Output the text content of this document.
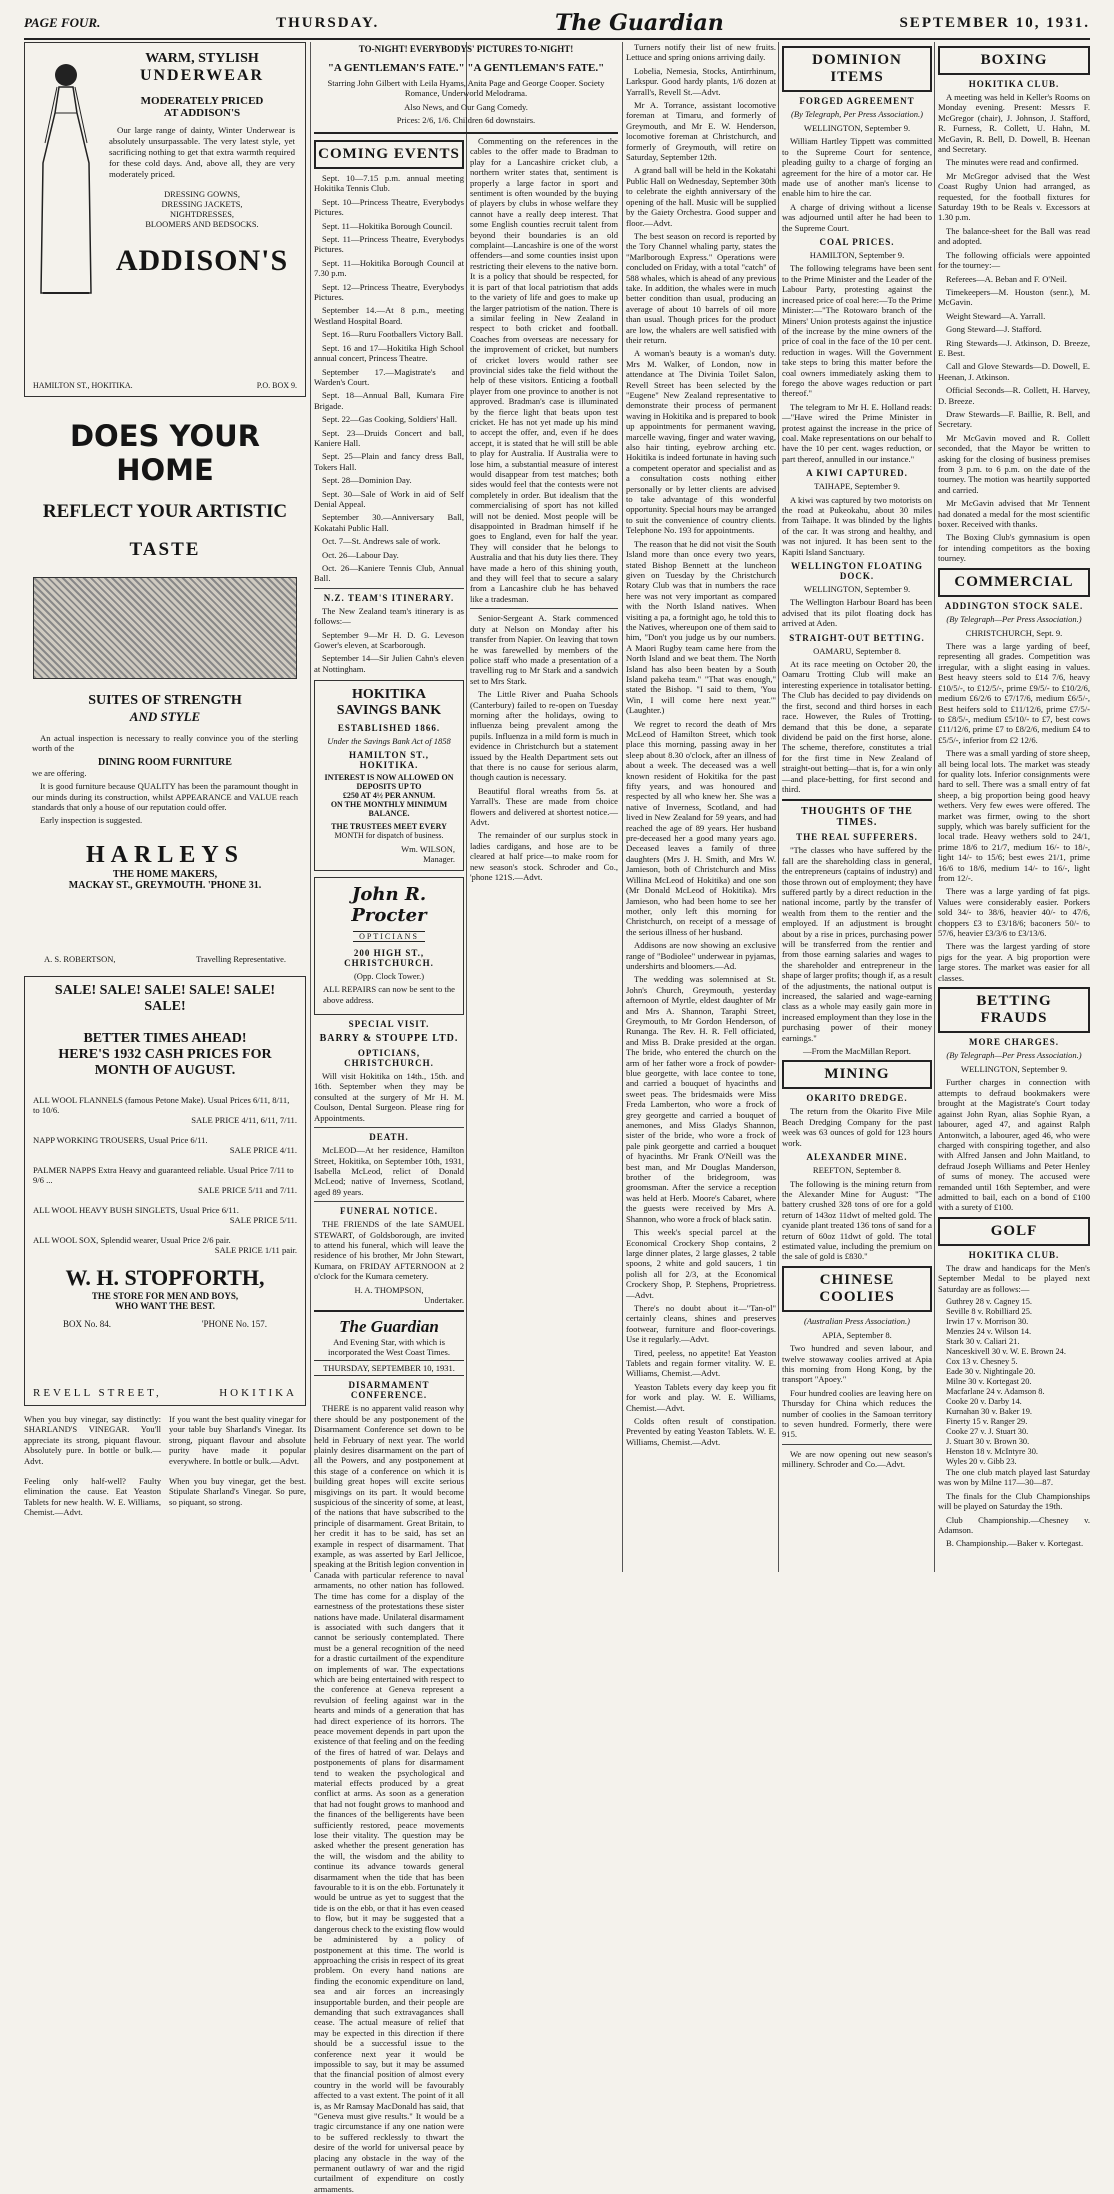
PAGE FOUR.	THURSDAY.	The Guardian	SEPTEMBER 10, 1931.
WARM, STYLISH
UNDERWEAR
MODERATELY PRICED
AT ADDISON'S

Our large range of dainty, Winter Underwear is absolutely unsurpassable. The very latest style, yet sacrificing nothing to get that extra warmth required for these cold days. And, above all, they are very moderately priced.

DRESSING GOWNS,
DRESSING JACKETS,
NIGHTDRESSES,
BLOOMERS AND BEDSOCKS.
ADDISON'S
HAMILTON ST., HOKITIKA.	P.O. BOX 9.
DOES YOUR HOME
REFLECT YOUR ARTISTIC
TASTE
SUITES OF STRENGTH
AND STYLE

An actual inspection is necessary to really convince you of the sterling worth of the

DINING ROOM FURNITURE

we are offering.

It is good furniture because QUALITY has been the paramount thought in our minds during its construction, whilst APPEARANCE and VALUE reach standards that only a house of our reputation could offer.

Early inspection is suggested.

HARLEYS
THE HOME MAKERS,
MACKAY ST., GREYMOUTH. 'PHONE 31.
A. S. ROBERTSON,	Travelling Representative.
SALE! SALE! SALE! SALE! SALE! SALE!
BETTER TIMES AHEAD!
HERE'S 1932 CASH PRICES FOR
MONTH OF AUGUST.
ALL WOOL FLANNELS (famous Petone Make). Usual Prices 6/11, 8/11, to 10/6.
SALE PRICE 4/11, 6/11, 7/11.
NAPP WORKING TROUSERS, Usual Price 6/11.
SALE PRICE 4/11.
PALMER NAPPS Extra Heavy and guaranteed reliable. Usual Price 7/11 to 9/6 ...
SALE PRICE 5/11 and 7/11.
ALL WOOL HEAVY BUSH SINGLETS, Usual Price 6/11.
SALE PRICE 5/11.
ALL WOOL SOX, Splendid wearer, Usual Price 2/6 pair.
SALE PRICE 1/11 pair.
W. H. STOPFORTH,
THE STORE FOR MEN AND BOYS,
WHO WANT THE BEST.
BOX No. 84.	'PHONE No. 157.
REVELL STREET,	HOKITIKA

When you buy vinegar, say distinctly: SHARLAND'S VINEGAR. You'll appreciate its strong, piquant flavour. Absolutely pure. In bottle or bulk.—Advt.

Feeling only half-well? Faulty elimination the cause. Eat Yeaston Tablets for new health. W. E. Williams, Chemist.—Advt.

If you want the best quality vinegar for your table buy Sharland's Vinegar. Its strong, piquant flavour and absolute purity have made it popular everywhere. In bottle or bulk.—Advt.

When you buy vinegar, get the best. Stipulate Sharland's Vinegar. So pure, so piquant, so strong.

TO-NIGHT! EVERYBODYS' PICTURES TO-NIGHT!
"A GENTLEMAN'S FATE." "A GENTLEMAN'S FATE."

Starring John Gilbert with Leila Hyams, Anita Page and George Cooper. Society Romance, Underworld Melodrama.

Also News, and Our Gang Comedy.

Prices: 2/6, 1/6. Children 6d downstairs.

COMING EVENTS

Sept. 10—7.15 p.m. annual meeting Hokitika Tennis Club.

Sept. 10—Princess Theatre, Everybodys Pictures.

Sept. 11—Hokitika Borough Council.

Sept. 11—Princess Theatre, Everybodys Pictures.

Sept. 11—Hokitika Borough Council at 7.30 p.m.

Sept. 12—Princess Theatre, Everybodys Pictures.

September 14.—At 8 p.m., meeting Westland Hospital Board.

Sept. 16—Ruru Footballers Victory Ball.

Sept. 16 and 17—Hokitika High School annual concert, Princess Theatre.

September 17.—Magistrate's and Warden's Court.

Sept. 18—Annual Ball, Kumara Fire Brigade.

Sept. 22—Gas Cooking, Soldiers' Hall.

Sept. 23—Druids Concert and ball, Kaniere Hall.

Sept. 25—Plain and fancy dress Ball, Tokers Hall.

Sept. 28—Dominion Day.

Sept. 30—Sale of Work in aid of Self Denial Appeal.

September 30.—Anniversary Ball, Kokatahi Public Hall.

Oct. 7—St. Andrews sale of work.

Oct. 26—Labour Day.

Oct. 26—Kaniere Tennis Club, Annual Ball.

N.Z. TEAM'S ITINERARY.

The New Zealand team's itinerary is as follows:—

September 9—Mr H. D. G. Leveson Gower's eleven, at Scarborough.

September 14—Sir Julien Cahn's eleven at Nottingham.

HOKITIKA
SAVINGS BANK
ESTABLISHED 1866.
Under the Savings Bank Act of 1858
HAMILTON ST., HOKITIKA.
INTEREST IS NOW ALLOWED ON
DEPOSITS UP TO
£250 AT 4½ PER ANNUM.
ON THE MONTHLY MINIMUM
BALANCE.
THE TRUSTEES MEET EVERY
MONTH for dispatch of business.
Wm. WILSON,
Manager.
John R. Procter
OPTICIANS
200 HIGH ST., CHRISTCHURCH.
(Opp. Clock Tower.)

ALL REPAIRS can now be sent to the above address.

SPECIAL VISIT.
BARRY & STOUPPE LTD.
OPTICIANS, CHRISTCHURCH.

Will visit Hokitika on 14th., 15th. and 16th. September when they may be consulted at the surgery of Mr H. M. Coulson, Dental Surgeon. Please ring for Appointments.

DEATH.

McLEOD—At her residence, Hamilton Street, Hokitika, on September 10th, 1931, Isabella McLeod, relict of Donald McLeod; native of Inverness, Scotland, aged 89 years.

FUNERAL NOTICE.

THE FRIENDS of the late SAMUEL STEWART, of Goldsborough, are invited to attend his funeral, which will leave the residence of his brother, Mr John Stewart, Kumara, on FRIDAY AFTERNOON at 2 o'clock for the Kumara cemetery.

H. A. THOMPSON,
Undertaker.
The Guardian

And Evening Star, with which is incorporated the West Coast Times.

THURSDAY, SEPTEMBER 10, 1931.
DISARMAMENT CONFERENCE.

THERE is no apparent valid reason why there should be any postponement of the Disarmament Conference set down to be held in February of next year. The world plainly desires disarmament on the part of all the Powers, and any postponement at this stage of a conference on which it is building great hopes will excite serious misgivings on its part. It would become suspicious of the sincerity of some, at least, of the nations that have subscribed to the principle of disarmament. Great Britain, to her credit it has to be said, has set an example in respect of disarmament. That example, as was asserted by Earl Jellicoe, speaking at the British legion convention in Canada with particular reference to naval armaments, no other nation has followed. The time has come for a display of the earnestness of the protestations these sister nations have made. Unilateral disarmament is associated with such dangers that it cannot be seriously contemplated. There must be a general recognition of the need for a drastic curtailment of the expenditure on implements of war. The expectations which are being entertained with respect to the conference at Geneva represent a revulsion of feeling against war in the hearts and minds of a generation that has had direct experience of its horrors. The peace movement depends in part upon the existence of that feeling and on the feeding of the fires of hatred of war. Delays and postponements of plans for disarmament tend to weaken the psychological and material effects produced by a great conflict at arms. As soon as a generation that had not fought grows to manhood and the finances of the belligerents have been sufficiently restored, peace movements lose their vitality. The question may be asked whether the present generation has the will, the wisdom and the ability to continue its advance towards general disarmament when the tide that has been favourable to it is on the ebb. Fortunately it would be untrue as yet to suggest that the tide is on the ebb, or that it has even ceased to flow, but it may be suggested that a dangerous check to the existing flow would be administered by a policy of postponement at this time. The world is approaching the crisis in respect of its great problem. On every hand nations are finding the economic expenditure on land, sea and air forces an increasingly insupportable burden, and their people are demanding that such extravagances shall cease. The actual measure of relief that may be expected in this direction if there should be a successful issue to the conference next year it would be impossible to say, but it may be assumed that the financial position of almost every country in the world will be favourably affected to a vast extent. The point of it all is, as Mr Ramsay MacDonald has said, that "Geneva must give results." It would be a tragic circumstance if any one nation were to be suffered recklessly to thwart the desire of the world for universal peace by placing any obstacle in the way of the permanent outlawry of war and the rigid curtailment of expenditure on costly armaments.

Commenting on the references in the cables to the offer made to Bradman to play for a Lancashire cricket club, a northern writer states that, sentiment is properly a large factor in sport and sentiment is often wounded by the buying of players by clubs in whose welfare they cannot have a really deep interest. That some English counties recruit talent from beyond their boundaries is an old complaint—Lancashire is one of the worst offenders—and some counties insist upon restricting their elevens to the native born. It is a policy that should be respected, for it is part of that local patriotism that adds to the variety of life and goes to make up the larger patriotism of the nation. There is a similar feeling in New Zealand in respect to both cricket and football. Coaches from overseas are necessary for the improvement of cricket, but numbers of cricket lovers would rather see provincial sides take the field without the help of these visitors. Enticing a football player from one province to another is not approved. Bradman's case is illuminated by the fierce light that beats upon test cricket. He has not yet made up his mind to accept the offer, and, even if he does accept, it is stated that he will still be able to play for Australia. If Australia were to lose him, a substantial measure of interest would disappear from test matches; both sides would feel that the contests were not completely in order. But idealism that the commercialising of sport has not killed will not be denied. Most people will be disappointed in Bradman himself if he goes to England, even for half the year. They will consider that he belongs to Australia and that his duty lies there. They have made a hero of this shining youth, and they will feel that to secure a salary from a Lancashire club he has behaved like a tradesman.

Senior-Sergeant A. Stark commenced duty at Nelson on Monday after his transfer from Napier. On leaving that town he was farewelled by members of the police staff who made a presentation of a travelling rug to Mr Stark and a sandwich set to Mrs Stark.

The Little River and Puaha Schools (Canterbury) failed to re-open on Tuesday morning after the holidays, owing to influenza being prevalent among the pupils. Influenza in a mild form is much in evidence in Christchurch but a statement issued by the Health Department sets out that there is no cause for serious alarm, though caution is necessary.

Beautiful floral wreaths from 5s. at Yarrall's. These are made from choice flowers and delivered at shortest notice.—Advt.

The remainder of our surplus stock in ladies cardigans, and hose are to be cleared at half price—to make room for new season's stock. Schroder and Co., 'phone 121S.—Advt.

Turners notify their list of new fruits. Lettuce and spring onions arriving daily.

Lobelia, Nemesia, Stocks, Antirrhinum, Larkspur. Good hardy plants, 1/6 dozen at Yarrall's, Revell St.—Advt.

Mr A. Torrance, assistant locomotive foreman at Timaru, and formerly of Greymouth, and Mr E. W. Henderson, locomotive foreman at Christchurch, and formerly of Greymouth, will retire on Saturday, September 12th.

A grand ball will be held in the Kokatahi Public Hall on Wednesday, September 30th to celebrate the eighth anniversary of the opening of the hall. Music will be supplied by the Gaiety Orchestra. Good supper and floor.—Advt.

The best season on record is reported by the Tory Channel whaling party, states the "Marlborough Express." Operations were concluded on Friday, with a total "catch" of 588 whales, which is ahead of any previous take. In addition, the whales were in much better condition than usual, producing an average of about 10 barrels of oil more than usual. Though prices for the product are low, the whalers are well satisfied with their return.

A woman's beauty is a woman's duty. Mrs M. Walker, of London, now in attendance at The Divinia Toilet Salon, Revell Street has been selected by the "Eugene" New Zealand representative to demonstrate their process of permanent waving in Hokitika and is prepared to book up appointments for permanent waving, marcelle waving, finger and water waving, also hair tinting, eyebrow arching etc. Hokitika is indeed fortunate in having such a competent operator and specialist and as a consultation costs nothing either personally or by letter clients are advised to take advantage of this wonderful opportunity. Special hours may be arranged to suit the convenience of country clients. Telephone No. 193 for appointments.

The reason that he did not visit the South Island more than once every two years, stated Bishop Bennett at the luncheon given on Tuesday by the Christchurch Rotary Club was that in numbers the race here was not very important as compared with the North Island natives. When visiting a pa, a fortnight ago, he told this to the Natives, whereupon one of them said to him, "Don't you judge us by our numbers. A Maori Rugby team came here from the North Island and we beat them. The North Island has also been beaten by a South Island pakeha team." "That was enough," stated the Bishop. "I said to them, 'You Win, I will come here next year.'" (Laughter.)

We regret to record the death of Mrs McLeod of Hamilton Street, which took place this morning, passing away in her sleep about 8.30 o'clock, after an illness of about a week. The deceased was a well known resident of Hokitika for the past fifty years, and was honoured and respected by all who knew her. She was a native of Inverness, Scotland, and had lived in New Zealand for 59 years, and had reached the age of 89 years. Her husband pre-deceased her a good many years ago. Deceased leaves a family of three daughters (Mrs J. H. Smith, and Mrs W. Jamieson, both of Christchurch and Miss Willina McLeod of Hokitika) and one son (Mr Donald McLeod of Hokitika). Mrs Jamieson, who had been home to see her mother, only left this morning for Christchurch, on receipt of a message of the serious illness of her husband.

Addisons are now showing an exclusive range of "Bodiolee" underwear in pyjamas, undershirts and bloomers.—Ad.

The wedding was solemnised at St. John's Church, Greymouth, yesterday afternoon of Myrtle, eldest daughter of Mr and Mrs A. Shannon, Taraphi Street, Greymouth, to Mr Gordon Henderson, of Runanga. The Rev. H. R. Fell officiated, and Miss B. Drake presided at the organ. The bride, who entered the church on the arm of her father wore a frock of powder-blue georgette, with lace contee to tone, and carried a bouquet of hyacinths and sweet peas. The bridesmaids were Miss Freda Lamberton, who wore a frock of grey georgette and carried a bouquet of anemones, and Miss Gladys Shannon, sister of the bride, who wore a frock of pale pink georgette and carried a bouquet of hyacinths. Mr Frank O'Neill was the best man, and Mr Douglas Manderson, brother of the bridegroom, was groomsman. After the service a reception was held at Herb. Moore's Cabaret, where the guests were received by Mrs A. Shannon, who wore a frock of black satin.

This week's special parcel at the Economical Crockery Shop contains, 2 large dinner plates, 2 large glasses, 2 table spoons, 2 white and gold saucers, 1 tin polish all for 2/3, at the Economical Crockery Shop, P. Stephens, Proprietress.—Advt.

There's no doubt about it—"Tan-ol" certainly cleans, shines and preserves footwear, furniture and floor-coverings. Use it regularly.—Advt.

Tired, peeless, no appetite! Eat Yeaston Tablets and regain former vitality. W. E. Williams, Chemist.—Advt.

Yeaston Tablets every day keep you fit for work and play. W. E. Williams, Chemist.—Advt.

Colds often result of constipation. Prevented by eating Yeaston Tablets. W. E. Williams, Chemist.—Advt.

DOMINION ITEMS
FORGED AGREEMENT
(By Telegraph, Per Press Association.)

WELLINGTON, September 9.

William Hartley Tippett was committed to the Supreme Court for sentence, pleading guilty to a charge of forging an agreement for the hire of a motor car. He made use of another man's license to enable him to hire the car.

A charge of driving without a license was adjourned until after he had been to the Supreme Court.

COAL PRICES.

HAMILTON, September 9.

The following telegrams have been sent to the Prime Minister and the Leader of the Labour Party, protesting against the increased price of coal here:—To the Prime Minister:—"The Rotowaro branch of the Miners' Union protests against the injustice of the increase by the mine owners of the price of coal in the face of the 10 per cent. reduction in wages. Will the Government take steps to bring this matter before the coal owners immediately asking them to forego the above wages reduction or part thereof."

The telegram to Mr H. E. Holland reads:—"Have wired the Prime Minister in protest against the increase in the price of coal. Make representations on our behalf to have the 10 per cent. wages reduction, or part thereof, annulled in our instance."

A KIWI CAPTURED.

TAIHAPE, September 9.

A kiwi was captured by two motorists on the road at Pukeokahu, about 30 miles from Taihape. It was blinded by the lights of the car. It was strong and healthy, and was not injured. It has been sent to the Kapiti Island Sanctuary.

WELLINGTON FLOATING DOCK.

WELLINGTON, September 9.

The Wellington Harbour Board has been advised that its pilot floating dock has arrived at Aden.

STRAIGHT-OUT BETTING.

OAMARU, September 8.

At its race meeting on October 20, the Oamaru Trotting Club will make an interesting experience in totalisator betting. The Club has decided to pay dividends on the first, second and third horses in each race. However, the Rules of Trotting, demand that this be done, a separate dividend be paid on the first horse, alone. The scheme, therefore, constitutes a trial for the first time in New Zealand of straight-out betting—that is, for a win only—and place-betting, for first second and third.

THOUGHTS OF THE TIMES.
THE REAL SUFFERERS.

"The classes who have suffered by the fall are the shareholding class in general, the entrepreneurs (captains of industry) and those thrown out of employment; they have suffered partly by a direct reduction in the national income, partly by the transfer of wealth from them to the rentier and the employed. If an adjustment is brought about by a rise in prices, purchasing power will be transferred from the rentier and from those earning salaries and wages to the shareholder and entrepreneur in the shape of larger profits; though if, as a result of the adjustments, the national output is increased, the salaried and wage-earning class as a whole may easily gain more in increased employment than they lose in the purchasing power of their money earnings."

—From the MacMillan Report.

MINING
OKARITO DREDGE.

The return from the Okarito Five Mile Beach Dredging Company for the past week was 63 ounces of gold for 123 hours work.

ALEXANDER MINE.

REEFTON, September 8.

The following is the mining return from the Alexander Mine for August: "The battery crushed 328 tons of ore for a gold return of 143oz 11dwt of melted gold. The cyanide plant treated 136 tons of sand for a return of 60oz 11dwt of gold. The total estimated value, including the premium on the sale of gold is £830."

CHINESE COOLIES
(Australian Press Association.)

APIA, September 8.

Two hundred and seven labour, and twelve stowaway coolies arrived at Apia this morning from Hong Kong, by the transport "Apoey."

Four hundred coolies are leaving here on Thursday for China which reduces the number of coolies in the Samoan territory to seven hundred. Formerly, there were 915.

We are now opening out new season's millinery. Schroder and Co.—Advt.

BOXING
HOKITIKA CLUB.

A meeting was held in Keller's Rooms on Monday evening. Present: Messrs F. McGregor (chair), J. Johnson, J. Stafford, R. Furness, R. Collett, U. Hahn, M. McGavin, R. Bell, D. Dowell, B. Heenan and Secretary.

The minutes were read and confirmed.

Mr McGregor advised that the West Coast Rugby Union had arranged, as requested, for the football fixtures for Saturday 19th to be Reals v. Excessors at 1.30 p.m.

The balance-sheet for the Ball was read and adopted.

The following officials were appointed for the tourney:—

Referees—A. Beban and F. O'Neil.

Timekeepers—M. Houston (senr.), M. McGavin.

Weight Steward—A. Yarrall.

Gong Steward—J. Stafford.

Ring Stewards—J. Atkinson, D. Breeze, E. Best.

Call and Glove Stewards—D. Dowell, E. Heenan, J. Atkinson.

Official Seconds—R. Collett, H. Harvey, D. Breeze.

Draw Stewards—F. Baillie, R. Bell, and Secretary.

Mr McGavin moved and R. Collett seconded, that the Mayor be written to asking for the closing of business premises from 3 p.m. to 6 p.m. on the date of the tourney. The motion was heartily supported and carried.

Mr McGavin advised that Mr Tennent had donated a medal for the most scientific boxer. Received with thanks.

The Boxing Club's gymnasium is open for intending competitors as the boxing tourney.

COMMERCIAL
ADDINGTON STOCK SALE.
(By Telegraph—Per Press Association.)

CHRISTCHURCH, Sept. 9.

There was a large yarding of beef, representing all grades. Competition was irregular, with a slight easing in values. Best heavy steers sold to £14 7/6, heavy £10/5/-, to £12/5/-, prime £9/5/- to £10/2/6, medium £6/2/6 to £7/17/6, medium £6/5/-, Best heifers sold to £11/12/6, prime £7/5/- to £8/5/-, medium £5/10/- to £7, best cows £11/12/6, prime £7 to £8/2/6, medium £4 to £5/5/-, inferior from £2 12/6.

There was a small yarding of store sheep, all being local lots. The market was steady for quality lots. Inferior consignments were hard to sell. There was a small entry of fat sheep, a big proportion being good heavy wethers. Very few ewes were offered. The market was firmer, owing to the short supply, which was barely sufficient for the local trade. Heavy wethers sold to 24/1, prime 18/6 to 21/7, medium 16/- to 18/-, light 14/- to 15/6; best ewes 21/1, prime 16/6 to 18/6, medium 14/- to 16/-, light from 12/-.

There was a large yarding of fat pigs. Values were considerably easier. Porkers sold 34/- to 38/6, heavier 40/- to 47/6, choppers £3 to £3/18/6; baconers 50/- to 57/6, heavier £3/3/6 to £3/13/6.

There was the largest yarding of store pigs for the year. A big proportion were large stores. The market was easier for all classes.

BETTING FRAUDS
MORE CHARGES.
(By Telegraph—Per Press Association.)

WELLINGTON, September 9.

Further charges in connection with attempts to defraud bookmakers were brought at the Magistrate's Court today against John Ryan, alias Sophie Ryan, a labourer, aged 47, and against Ralph Antonwitch, a labourer, aged 46, who were charged with conspiring together, and also with Alfred Jansen and John Maitland, to defraud Joseph Williams and Peter Henley of sums of money. The accused were remanded until 16th September, and were admitted to bail, each on a bond of £100 with a surety of £100.

GOLF
HOKITIKA CLUB.

The draw and handicaps for the Men's September Medal to be played next Saturday are as follows:—

Guthrey 28 v. Cagney 15.
Seville 8 v. Robilliard 25.
Irwin 17 v. Morrison 30.
Menzies 24 v. Wilson 14.
Stark 30 v. Caliari 21.
Nanceskivell 30 v. W. E. Brown 24.
Cox 13 v. Chesney 5.
Eade 30 v. Nightingale 20.
Milne 30 v. Kortegast 20.
Macfarlane 24 v. Adamson 8.
Cooke 20 v. Darby 14.
Kurnahan 30 v. Baker 19.
Finerty 15 v. Ranger 29.
Cooke 27 v. J. Stuart 30.
J. Stuart 30 v. Brown 30.
Henston 18 v. McIntyre 30.
Wyles 20 v. Gibb 23.

The one club match played last Saturday was won by Milne 117—30—87.

The finals for the Club Championships will be played on Saturday the 19th.

Club Championship.—Chesney v. Adamson.

B. Championship.—Baker v. Kortegast.
